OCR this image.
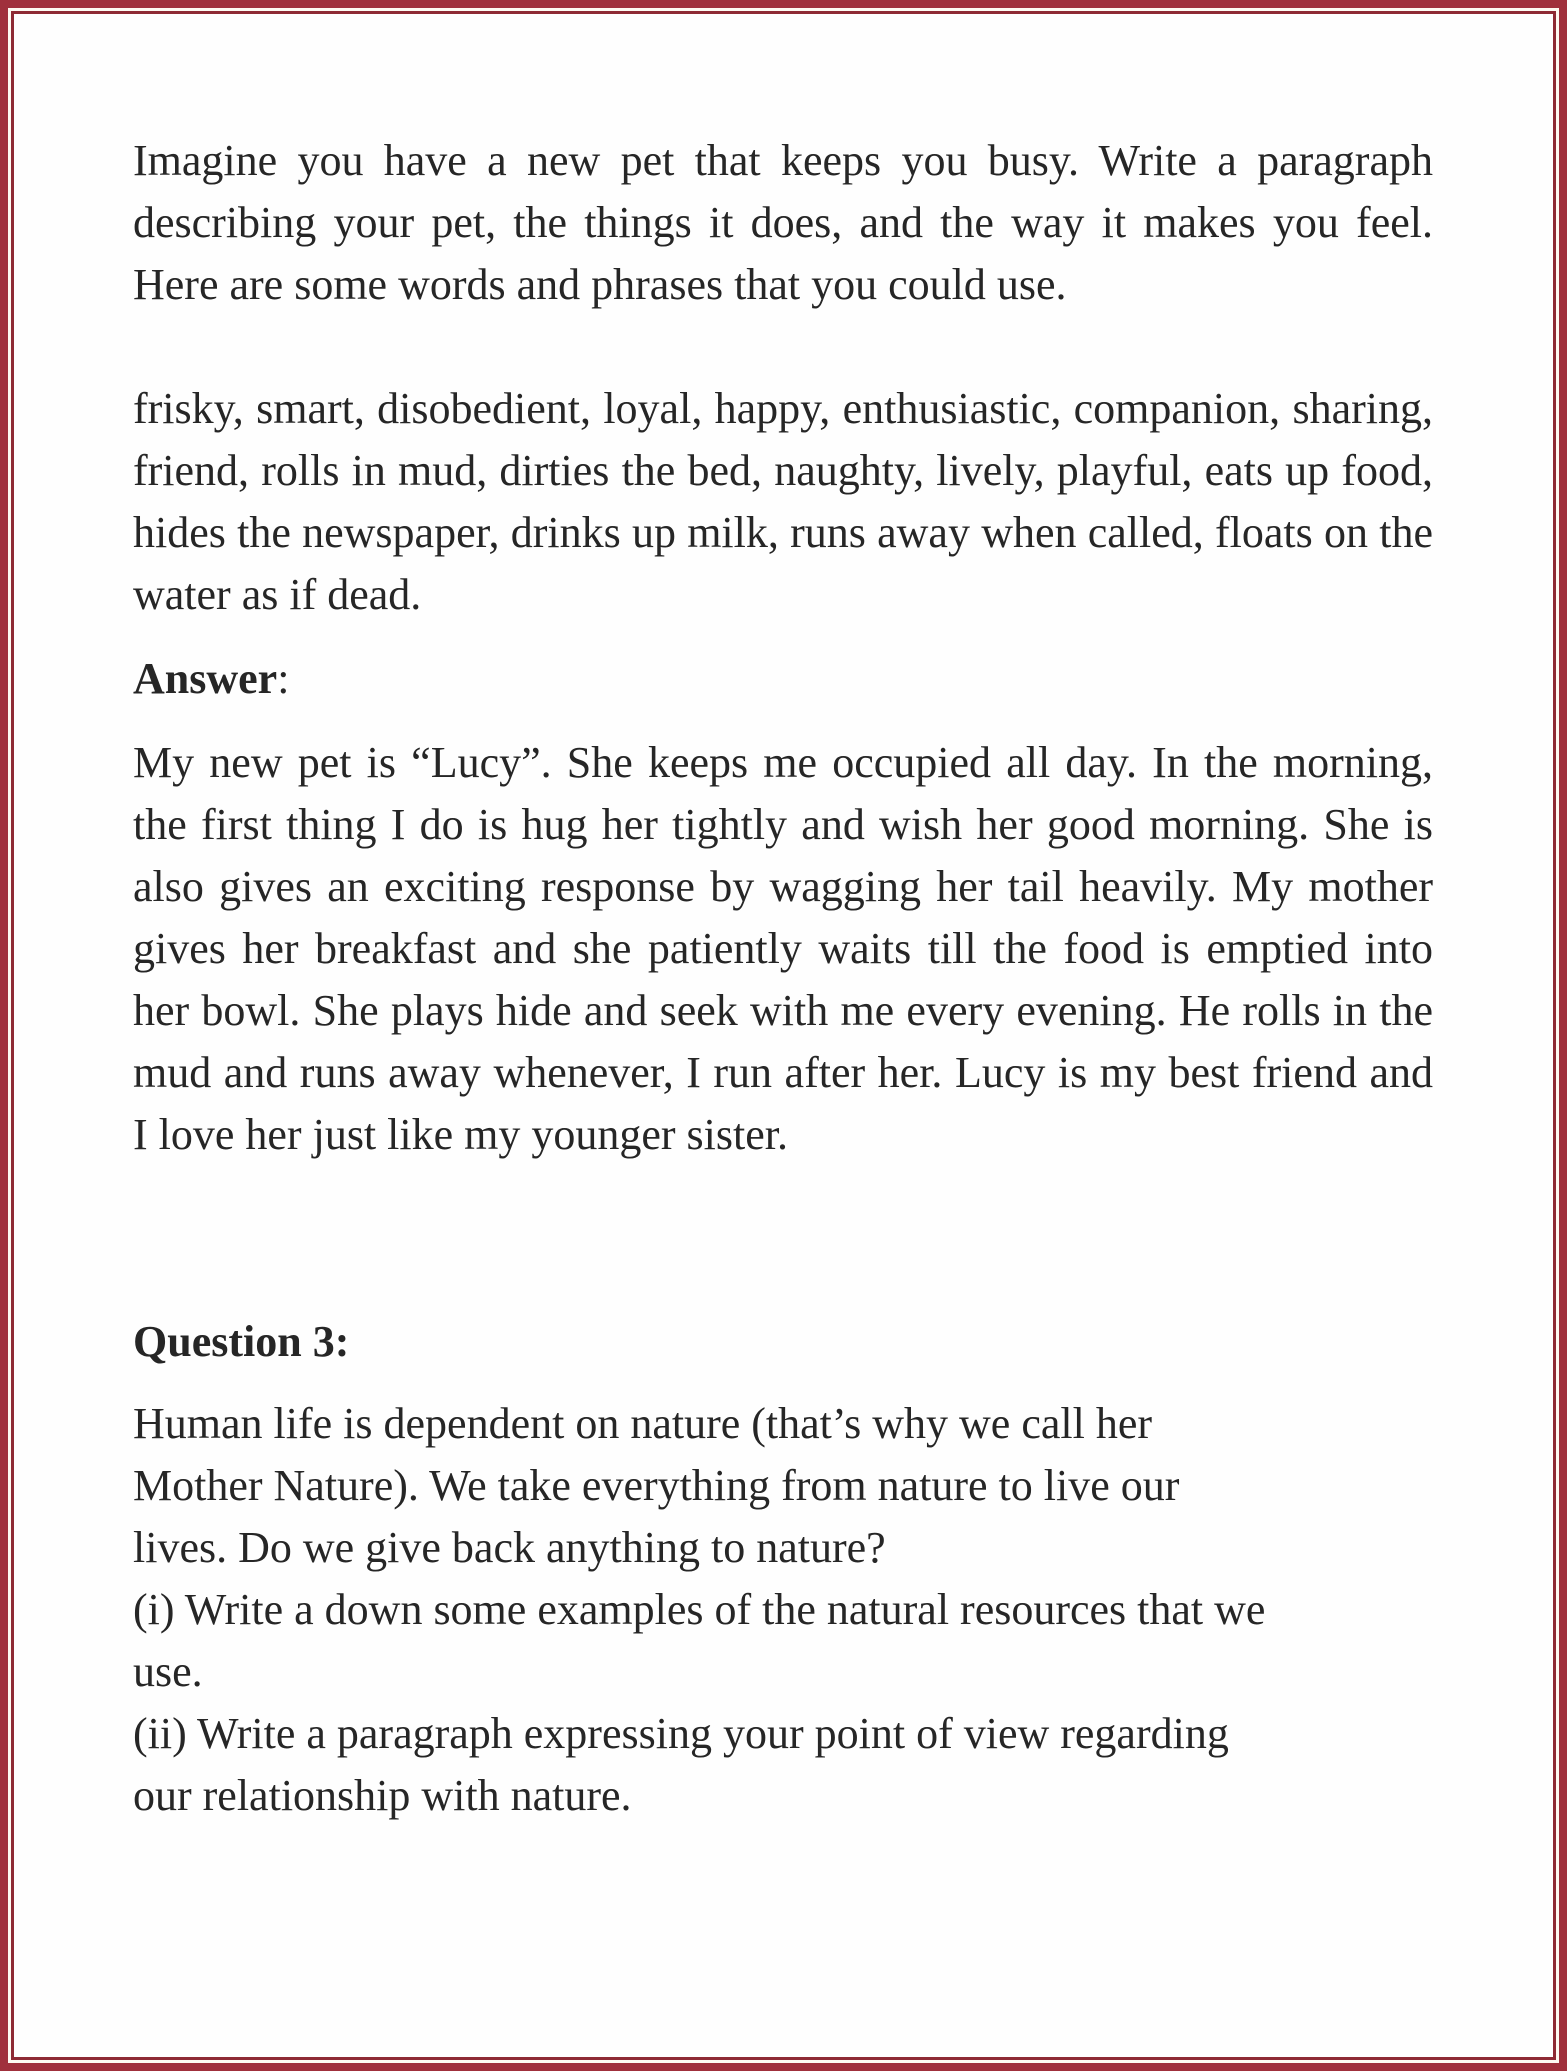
Imagine you have a new pet that keeps you busy. Write a paragraph describing your pet, the things it does, and the way it makes you feel. Here are some words and phrases that you could use.

frisky, smart, disobedient, loyal, happy, enthusiastic, companion, sharing, friend, rolls in mud, dirties the bed, naughty, lively, playful, eats up food, hides the newspaper, drinks up milk, runs away when called, floats on the water as if dead.

Answer:

My new pet is “Lucy”. She keeps me occupied all day. In the morning, the first thing I do is hug her tightly and wish her good morning. She is also gives an exciting response by wagging her tail heavily. My mother gives her breakfast and she patiently waits till the food is emptied into her bowl. She plays hide and seek with me every evening. He rolls in the mud and runs away whenever, I run after her. Lucy is my best friend and I love her just like my younger sister.

Question 3:

Human life is dependent on nature (that’s why we call her

Mother Nature). We take everything from nature to live our

lives. Do we give back anything to nature?

(i) Write a down some examples of the natural resources that we

use.

(ii) Write a paragraph expressing your point of view regarding

our relationship with nature.
